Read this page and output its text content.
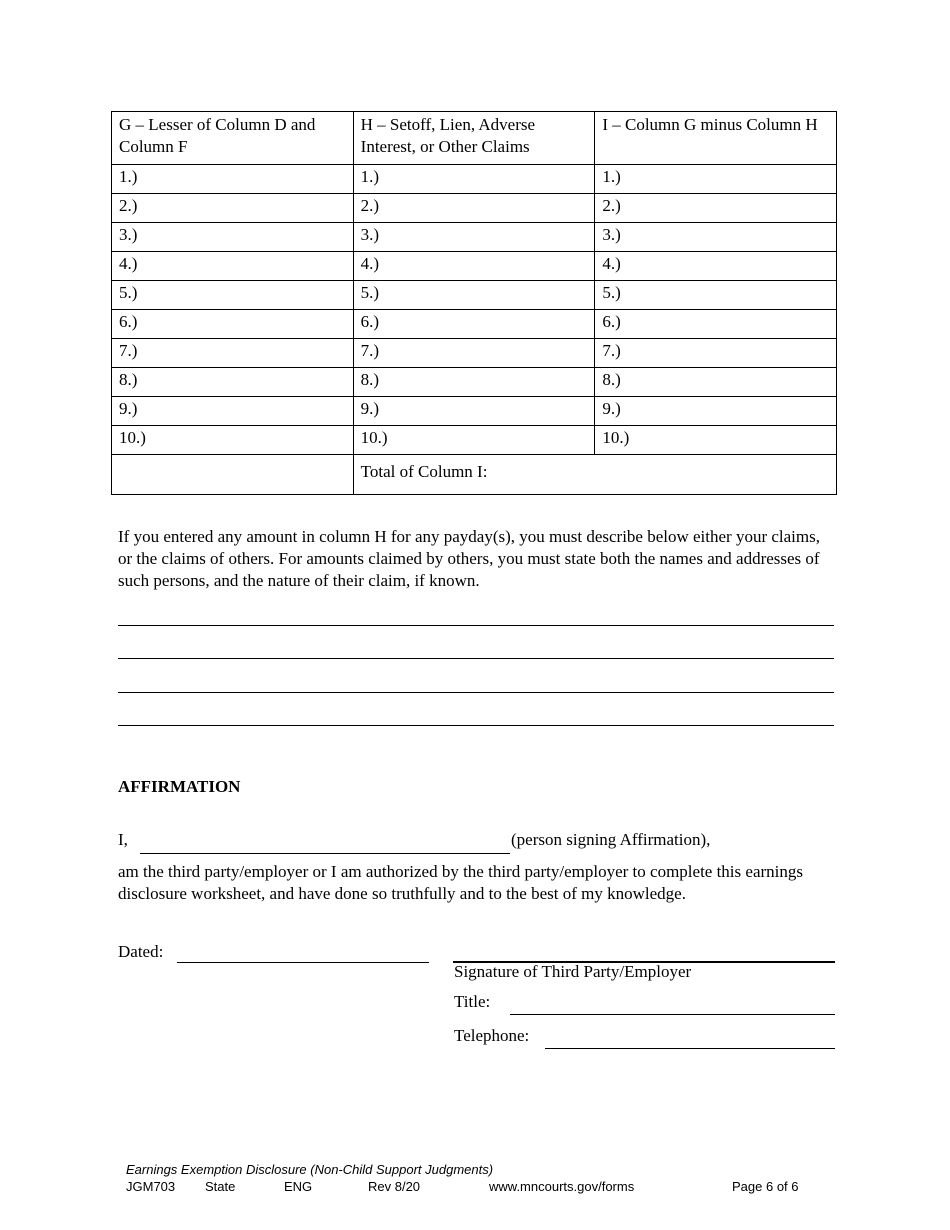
G – Lesser of Column D and Column F	H – Setoff, Lien, Adverse Interest, or Other Claims	I – Column G minus Column H
1.)	1.)	1.)
2.)	2.)	2.)
3.)	3.)	3.)
4.)	4.)	4.)
5.)	5.)	5.)
6.)	6.)	6.)
7.)	7.)	7.)
8.)	8.)	8.)
9.)	9.)	9.)
10.)	10.)	10.)
	Total of Column I:	

If you entered any amount in column H for any payday(s), you must describe below either your claims, or the claims of others. For amounts claimed by others, you must state both the names and addresses of such persons, and the nature of their claim, if known.

AFFIRMATION
I,	(person signing Affirmation),

am the third party/employer or I am authorized by the third party/employer to complete this earnings disclosure worksheet, and have done so truthfully and to the best of my knowledge.

Dated:
Signature of Third Party/Employer
Title:
Telephone:
Earnings Exemption Disclosure (Non-Child Support Judgments)
JGM703 State	ENG	Rev 8/20	www.mncourts.gov/forms	Page 6 of 6
